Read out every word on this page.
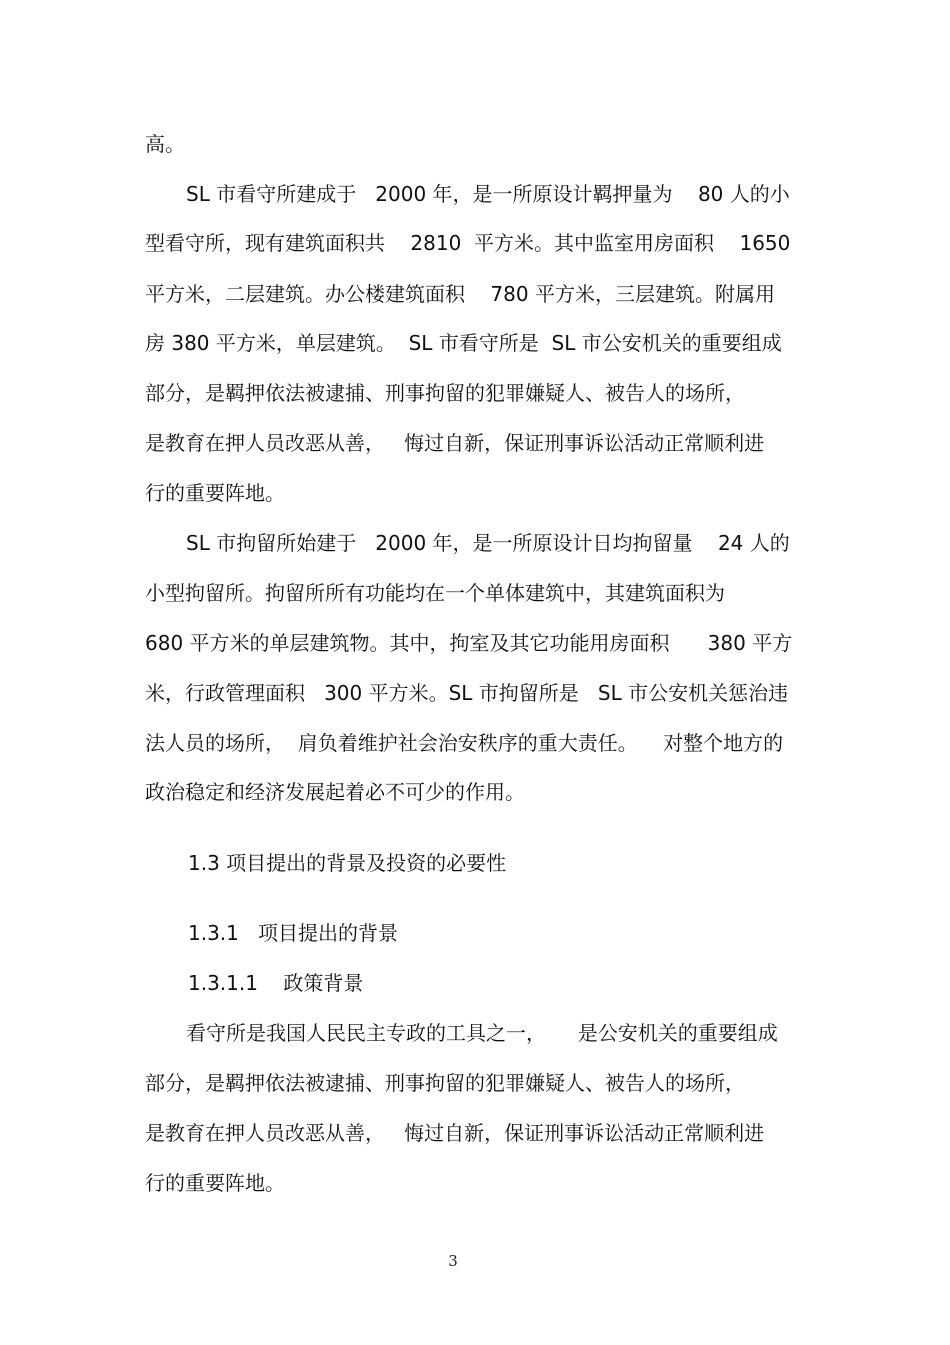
高。
SL 市看守所建成于   2000 年，是一所原设计羁押量为    80 人的小
型看守所，现有建筑面积共    2810  平方米。其中监室用房面积    1650
平方米，二层建筑。办公楼建筑面积    780 平方米，三层建筑。附属用
房 380 平方米，单层建筑。  SL 市看守所是  SL 市公安机关的重要组成
部分，是羁押依法被逮捕、刑事拘留的犯罪嫌疑人、被告人的场所，
是教育在押人员改恶从善，   悔过自新，保证刑事诉讼活动正常顺利进
行的重要阵地。
SL 市拘留所始建于   2000 年，是一所原设计日均拘留量    24 人的
小型拘留所。拘留所所有功能均在一个单体建筑中，其建筑面积为
680 平方米的单层建筑物。其中，拘室及其它功能用房面积      380 平方
米，行政管理面积   300 平方米。SL 市拘留所是   SL 市公安机关惩治违
法人员的场所，  肩负着维护社会治安秩序的重大责任。    对整个地方的
政治稳定和经济发展起着必不可少的作用。
1.3 项目提出的背景及投资的必要性
1.3.1   项目提出的背景
1.3.1.1    政策背景
看守所是我国人民民主专政的工具之一，     是公安机关的重要组成
部分，是羁押依法被逮捕、刑事拘留的犯罪嫌疑人、被告人的场所，
是教育在押人员改恶从善，   悔过自新，保证刑事诉讼活动正常顺利进
行的重要阵地。
3
